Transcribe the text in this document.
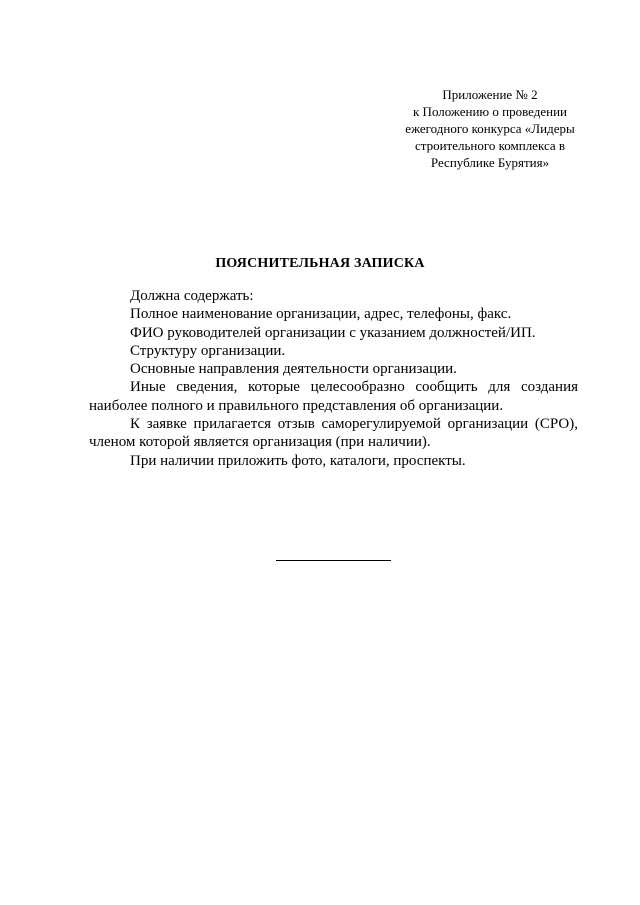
Приложение № 2
к Положению о проведении
ежегодного конкурса «Лидеры
строительного комплекса в
Республике Бурятия»
ПОЯСНИТЕЛЬНАЯ ЗАПИСКА

Должна содержать:

Полное наименование организации, адрес, телефоны, факс.

ФИО руководителей организации с указанием должностей/ИП.

Структуру организации.

Основные направления деятельности организации.

Иные сведения, которые целесообразно сообщить для создания наиболее полного и правильного представления об организации.

К заявке прилагается отзыв саморегулируемой организации (СРО), членом которой является организация (при наличии).

При наличии приложить фото, каталоги, проспекты.
